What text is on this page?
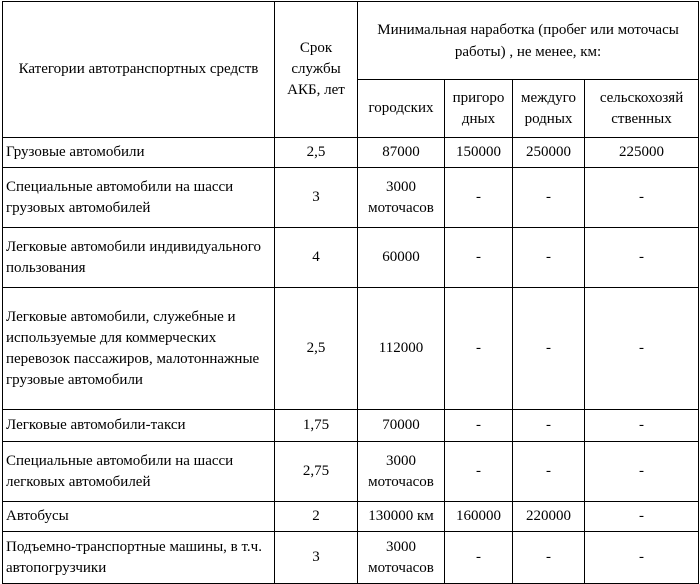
Категории автотранспортных средств	Срок службы АКБ, лет	Минимальная наработка (пробег или моточасы работы) , не менее, км:			
		городских	пригоро дных	междуго родных	сельскохозяй ственных
Грузовые автомобили	2,5	87000	150000	250000	225000
Специальные автомобили на шасси грузовых автомобилей	3	3000 моточасов	-	-	-
Легковые автомобили индивидуального пользования	4	60000	-	-	-
Легковые автомобили, служебные и используемые для коммерческих перевозок пассажиров, малотоннажные грузовые автомобили	2,5	112000	-	-	-
Легковые автомобили-такси	1,75	70000	-	-	-
Специальные автомобили на шасси легковых автомобилей	2,75	3000 моточасов	-	-	-
Автобусы	2	130000 км	160000	220000	-
Подъемно-транспортные машины, в т.ч. автопогрузчики	3	3000 моточасов	-	-	-
